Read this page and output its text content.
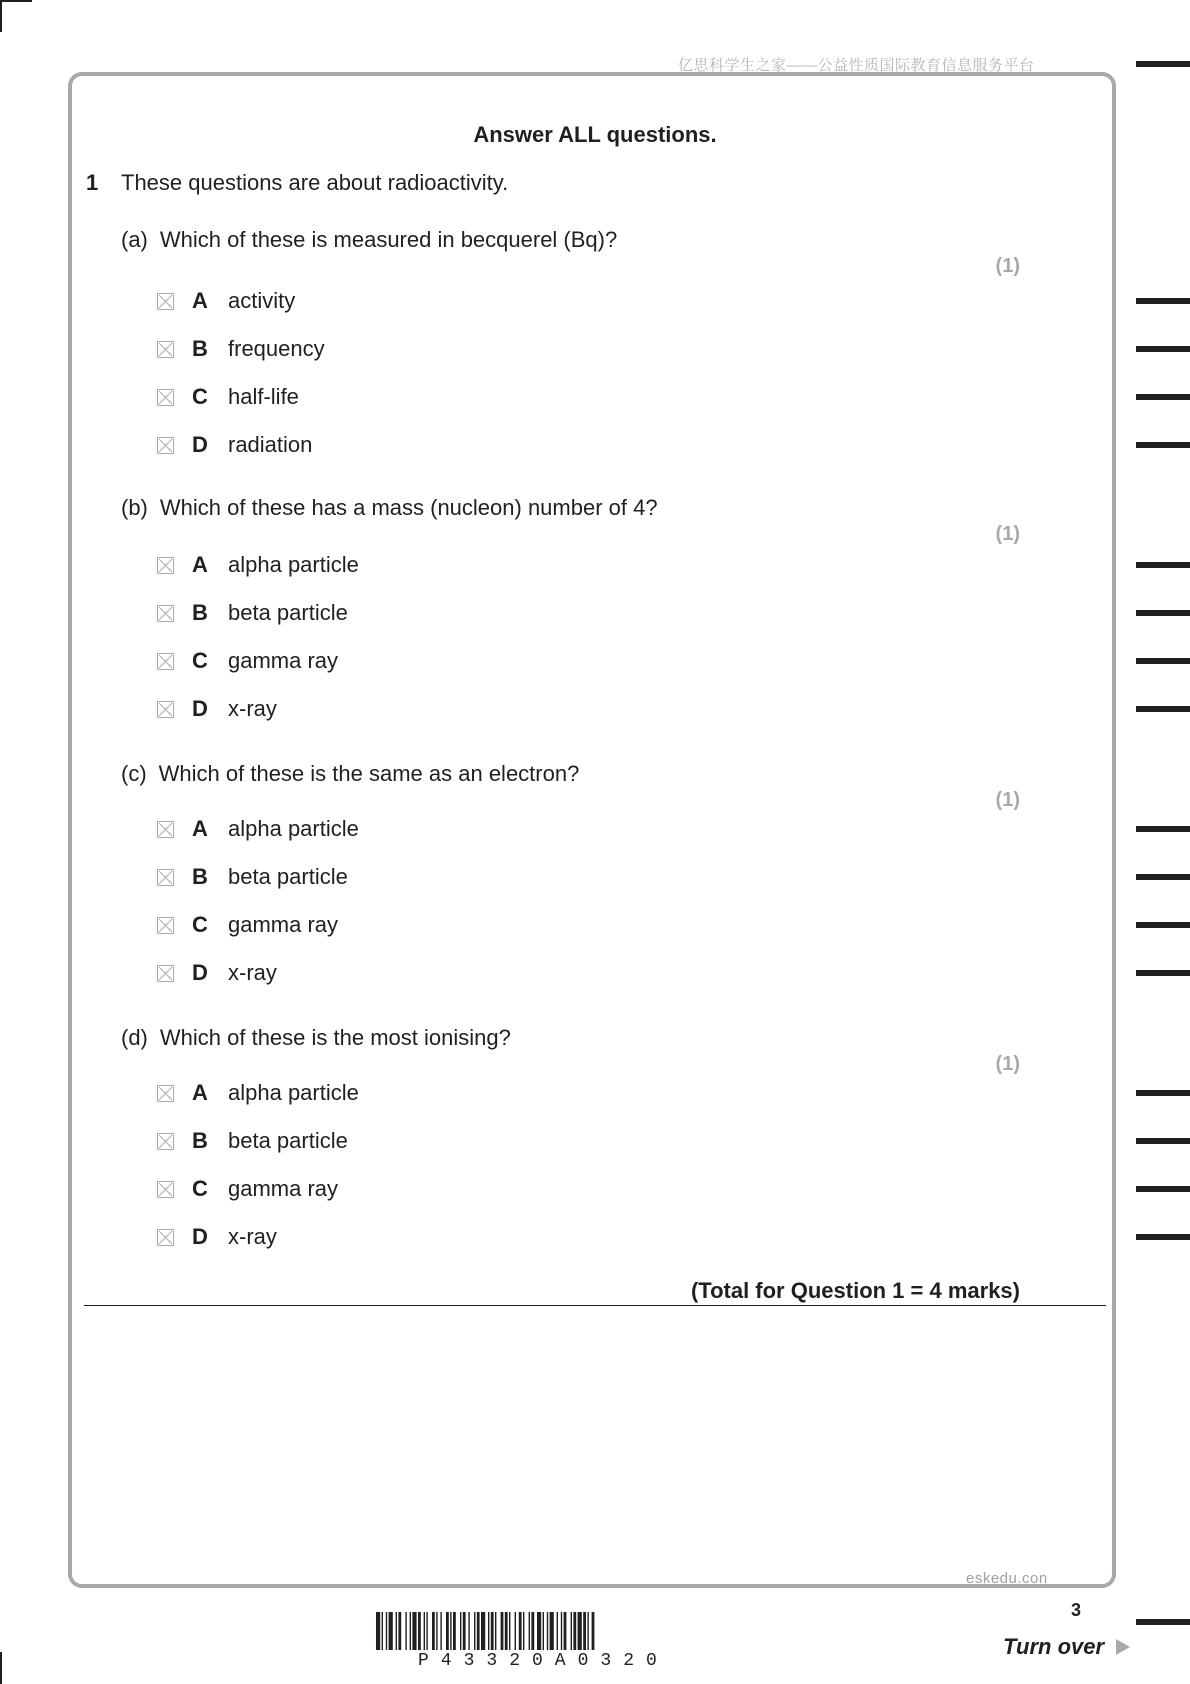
亿思科学生之家——公益性质国际教育信息服务平台
Answer ALL questions.
1 These questions are about radioactivity.
(a) Which of these is measured in becquerel (Bq)?
(1)
A activity
B frequency
C half-life
D radiation
(b) Which of these has a mass (nucleon) number of 4?
(1)
A alpha particle
B beta particle
C gamma ray
D x-ray
(c) Which of these is the same as an electron?
(1)
A alpha particle
B beta particle
C gamma ray
D x-ray
(d) Which of these is the most ionising?
(1)
A alpha particle
B beta particle
C gamma ray
D x-ray
(Total for Question 1 = 4 marks)
eskedu.con
3
Turn over
P43320A0320
